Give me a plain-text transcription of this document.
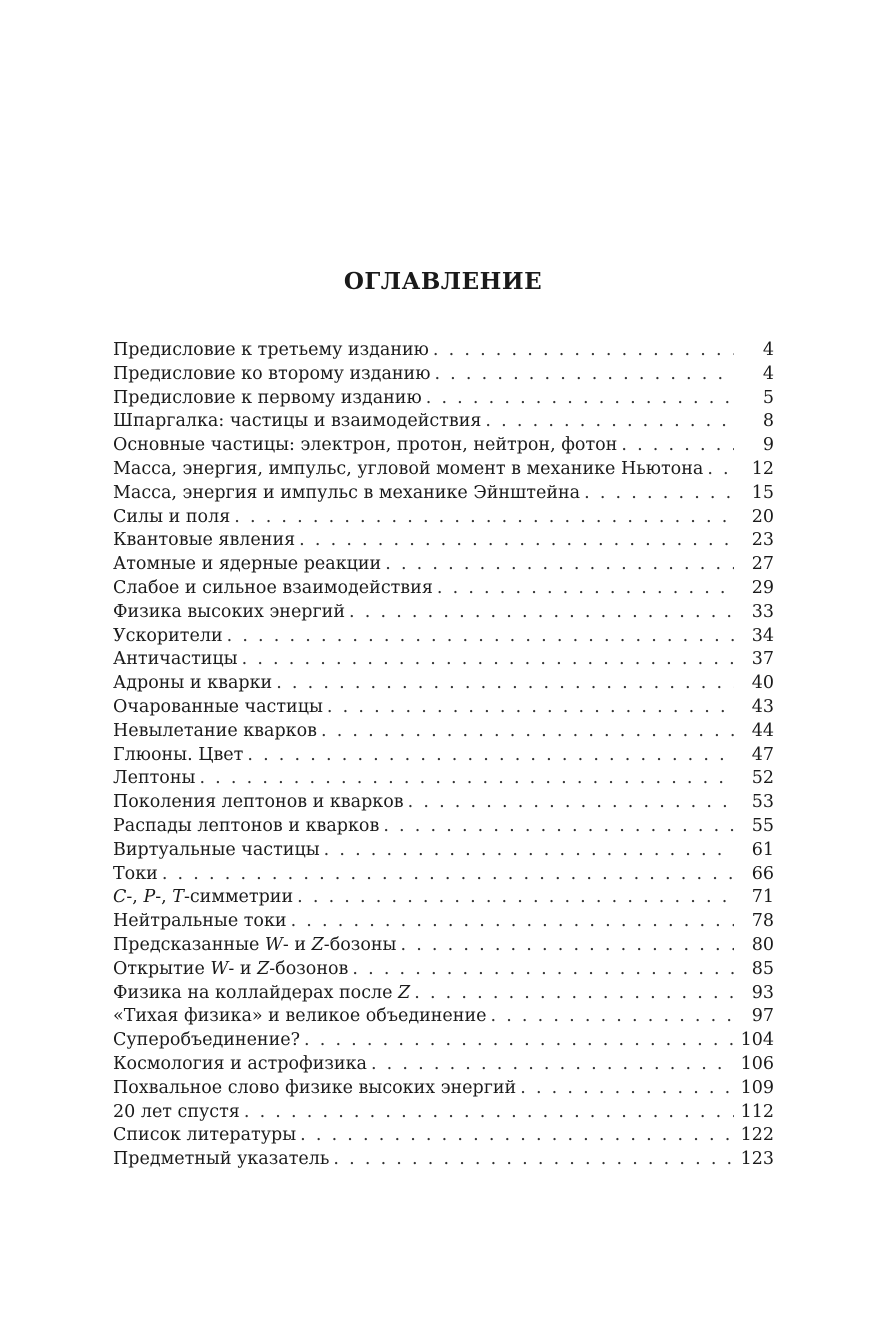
ОГЛАВЛЕНИЕ
Предисловие к третьему изданию . . .	4
Предисловие ко второму изданию . . .	4
Предисловие к первому изданию . . .	5
Шпаргалка: частицы и взаимодействия . . .	8
Основные частицы: электрон, протон, нейтрон, фотон . . .	9
Масса, энергия, импульс, угловой момент в механике Ньютона . . .	12
Масса, энергия и импульс в механике Эйнштейна . . .	15
Силы и поля . . .	20
Квантовые явления . . .	23
Атомные и ядерные реакции . . .	27
Слабое и сильное взаимодействия . . .	29
Физика высоких энергий . . .	33
Ускорители . . .	34
Античастицы . . .	37
Адроны и кварки . . .	40
Очарованные частицы . . .	43
Невылетание кварков . . .	44
Глюоны. Цвет . . .	47
Лептоны . . .	52
Поколения лептонов и кварков . . .	53
Распады лептонов и кварков . . .	55
Виртуальные частицы . . .	61
Токи . . .	66
C-, P-, T-симметрии . . .	71
Нейтральные токи . . .	78
Предсказанные W- и Z-бозоны . . .	80
Открытие W- и Z-бозонов . . .	85
Физика на коллайдерах после Z . . .	93
«Тихая физика» и великое объединение . . .	97
Суперобъединение? . . .	104
Космология и астрофизика . . .	106
Похвальное слово физике высоких энергий . . .	109
20 лет спустя . . .	112
Список литературы . . .	122
Предметный указатель . . .	123
